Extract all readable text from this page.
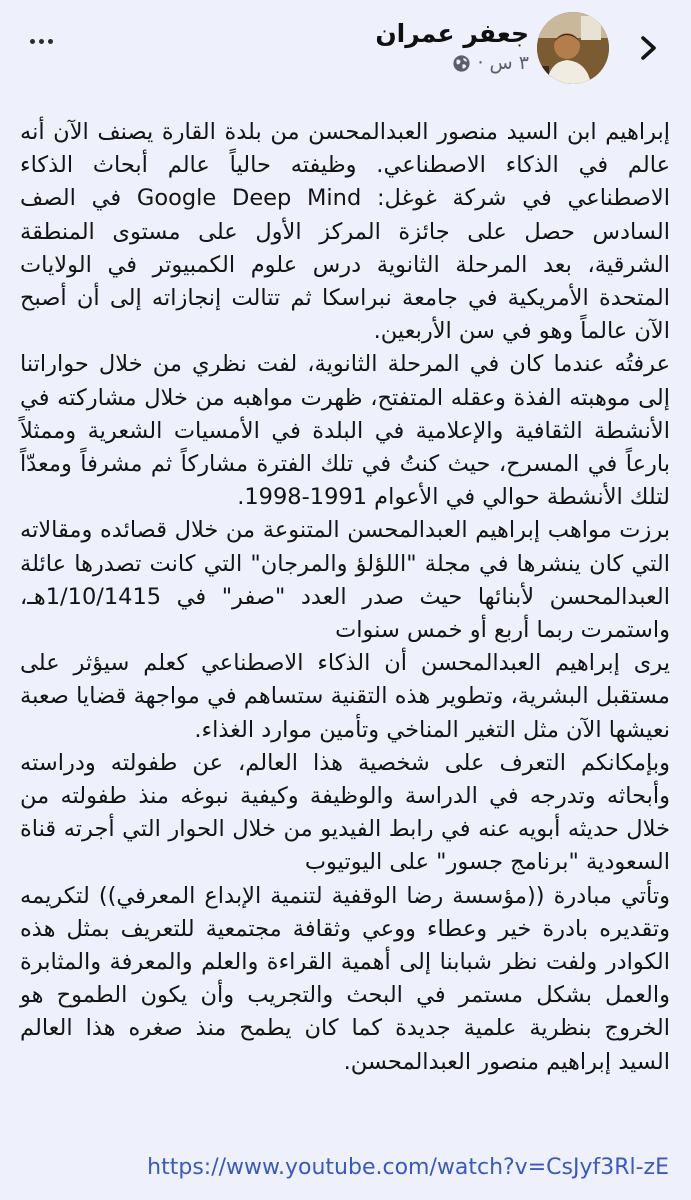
جعفر عمران
٣ س ·

إبراهيم ابن السيد منصور العبدالمحسن من بلدة القارة يصنف الآن أنه عالم في الذكاء الاصطناعي. وظيفته حالياً عالم أبحاث الذكاء الاصطناعي في شركة غوغل: Google Deep Mind في الصف السادس حصل على جائزة المركز الأول على مستوى المنطقة الشرقية، بعد المرحلة الثانوية درس علوم الكمبيوتر في الولايات المتحدة الأمريكية في جامعة نبراسكا ثم تتالت إنجازاته إلى أن أصبح الآن عالماً وهو في سن الأربعين.

عرفتُه عندما كان في المرحلة الثانوية، لفت نظري من خلال حواراتنا إلى موهبته الفذة وعقله المتفتح، ظهرت مواهبه من خلال مشاركته في الأنشطة الثقافية والإعلامية في البلدة في الأمسيات الشعرية وممثلاً بارعاً في المسرح، حيث كنتُ في تلك الفترة مشاركاً ثم مشرفاً ومعدّاً لتلك الأنشطة حوالي في الأعوام 1991-1998.

برزت مواهب إبراهيم العبدالمحسن المتنوعة من خلال قصائده ومقالاته التي كان ينشرها في مجلة "اللؤلؤ والمرجان" التي كانت تصدرها عائلة العبدالمحسن لأبنائها حيث صدر العدد "صفر" في 1/10/1415هـ، واستمرت ربما أربع أو خمس سنوات

يرى إبراهيم العبدالمحسن أن الذكاء الاصطناعي كعلم سيؤثر على مستقبل البشرية، وتطوير هذه التقنية ستساهم في مواجهة قضايا صعبة نعيشها الآن مثل التغير المناخي وتأمين موارد الغذاء.

وبإمكانكم التعرف على شخصية هذا العالم، عن طفولته ودراسته وأبحاثه وتدرجه في الدراسة والوظيفة وكيفية نبوغه منذ طفولته من خلال حديثه أبويه عنه في رابط الفيديو من خلال الحوار التي أجرته قناة السعودية "برنامج جسور" على اليوتيوب

وتأتي مبادرة ((مؤسسة رضا الوقفية لتنمية الإبداع المعرفي)) لتكريمه وتقديره بادرة خير وعطاء ووعي وثقافة مجتمعية للتعريف بمثل هذه الكوادر ولفت نظر شبابنا إلى أهمية القراءة والعلم والمعرفة والمثابرة والعمل بشكل مستمر في البحث والتجريب وأن يكون الطموح هو الخروج بنظرية علمية جديدة كما كان يطمح منذ صغره هذا العالم السيد إبراهيم منصور العبدالمحسن.

https://www.youtube.com/watch?v=CsJyf3Rl-zE
